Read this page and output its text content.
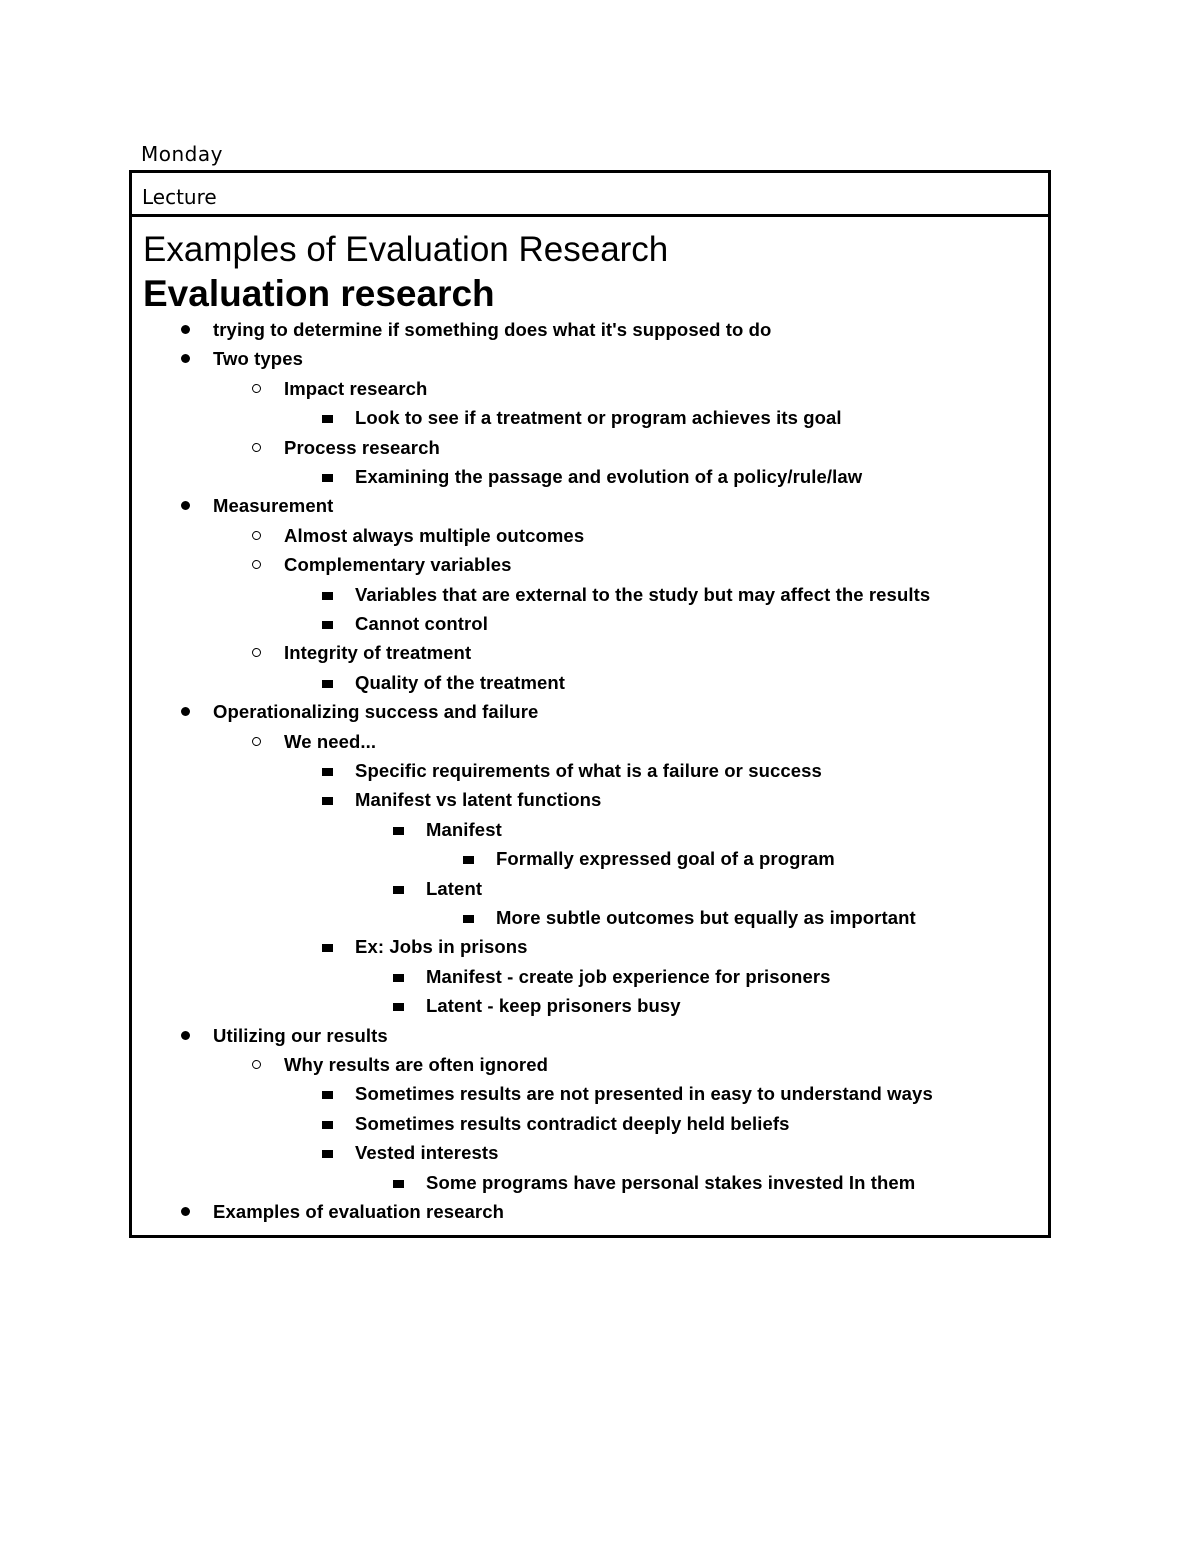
Monday
Lecture
Examples of Evaluation Research
Evaluation research
trying to determine if something does what it's supposed to do
Two types
Impact research
Look to see if a treatment or program achieves its goal
Process research
Examining the passage and evolution of a policy/rule/law
Measurement
Almost always multiple outcomes
Complementary variables
Variables that are external to the study but may affect the results
Cannot control
Integrity of treatment
Quality of the treatment
Operationalizing success and failure
We need...
Specific requirements of what is a failure or success
Manifest vs latent functions
Manifest
Formally expressed goal of a program
Latent
More subtle outcomes but equally as important
Ex: Jobs in prisons
Manifest - create job experience for prisoners
Latent - keep prisoners busy
Utilizing our results
Why results are often ignored
Sometimes results are not presented in easy to understand ways
Sometimes results contradict deeply held beliefs
Vested interests
Some programs have personal stakes invested In them
Examples of evaluation research
